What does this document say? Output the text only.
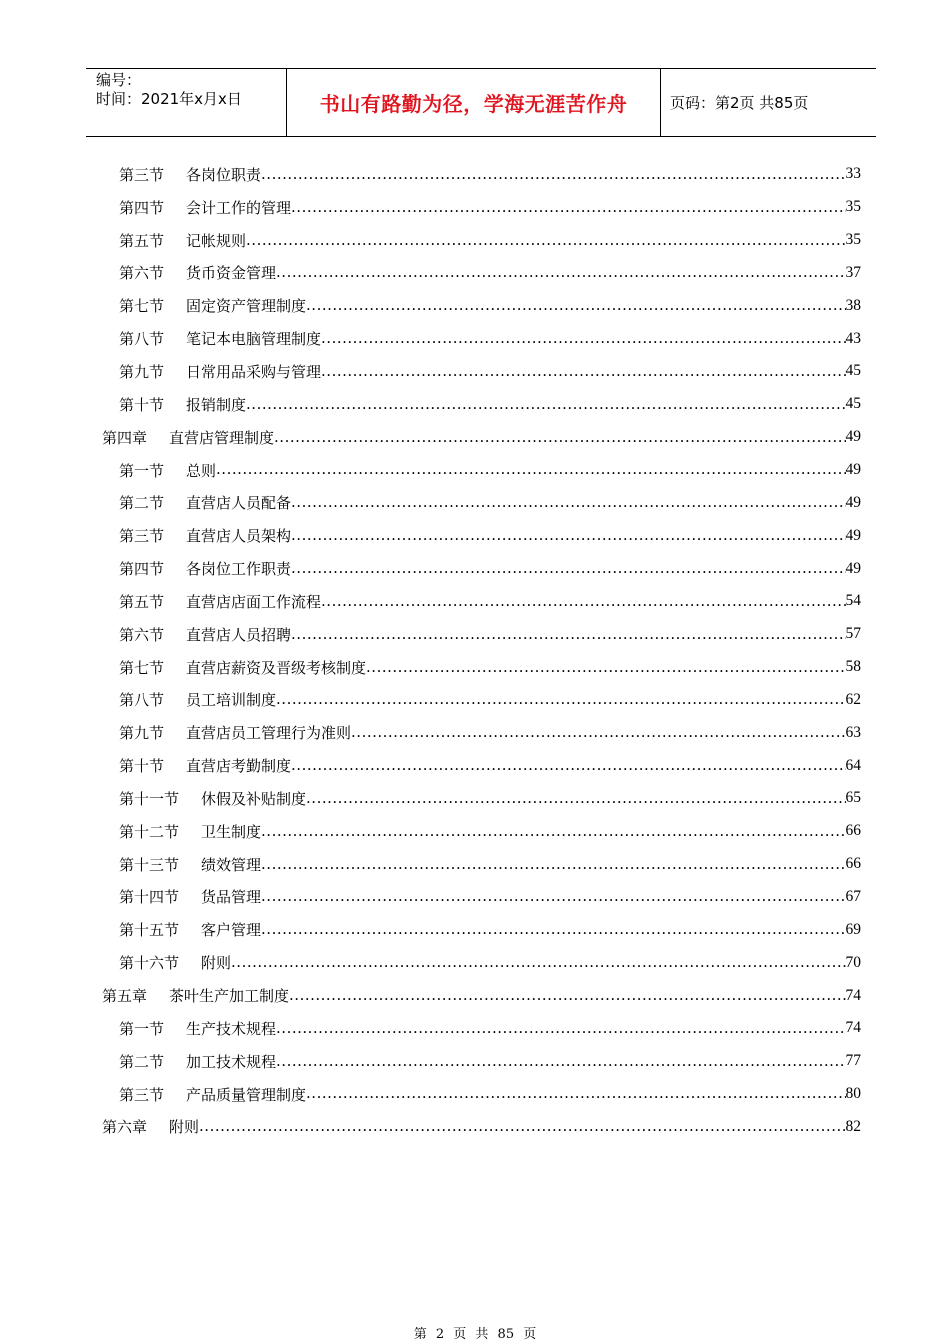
编号：
时间：2021年x月x日	书山有路勤为径，学海无涯苦作舟	页码：第2页 共85页
第三节 各岗位职责 .....	33
第四节 会计工作的管理 .....	35
第五节 记帐规则 .....	35
第六节 货币资金管理 .....	37
第七节 固定资产管理制度 .....	38
第八节 笔记本电脑管理制度 .....	43
第九节 日常用品采购与管理 .....	45
第十节 报销制度 .....	45
第四章 直营店管理制度 .....	49
第一节 总则 .....	49
第二节 直营店人员配备 .....	49
第三节 直营店人员架构 .....	49
第四节 各岗位工作职责 .....	49
第五节 直营店店面工作流程 .....	54
第六节 直营店人员招聘 .....	57
第七节 直营店薪资及晋级考核制度 .....	58
第八节 员工培训制度 .....	62
第九节 直营店员工管理行为准则 .....	63
第十节 直营店考勤制度 .....	64
第十一节 休假及补贴制度 .....	65
第十二节 卫生制度 .....	66
第十三节 绩效管理 .....	66
第十四节 货品管理 .....	67
第十五节 客户管理 .....	69
第十六节 附则 .....	70
第五章 茶叶生产加工制度 .....	74
第一节 生产技术规程 .....	74
第二节 加工技术规程 .....	77
第三节 产品质量管理制度 .....	80
第六章 附则 .....	82
第 2 页 共 85 页
